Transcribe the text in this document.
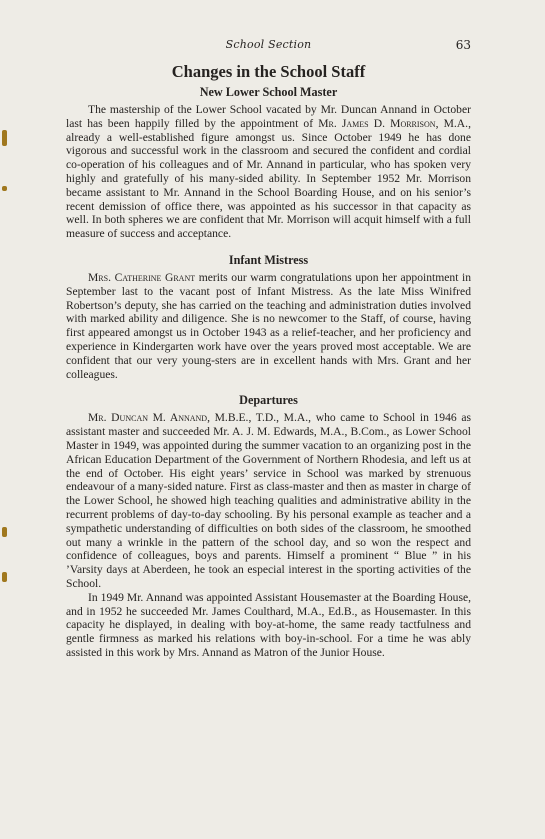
School Section	63
Changes in the School Staff
New Lower School Master

The mastership of the Lower School vacated by Mr. Duncan Annand in October last has been happily filled by the appointment of Mr. James D. Morrison, M.A., already a well-established figure amongst us. Since October 1949 he has done vigorous and successful work in the classroom and secured the confident and cordial co-operation of his colleagues and of Mr. Annand in particular, who has spoken very highly and gratefully of his many-sided ability. In September 1952 Mr. Morrison became assistant to Mr. Annand in the School Boarding House, and on his senior’s recent demission of office there, was appointed as his successor in that capacity as well. In both spheres we are confident that Mr. Morrison will acquit himself with a full measure of success and acceptance.

Infant Mistress

Mrs. Catherine Grant merits our warm congratulations upon her appointment in September last to the vacant post of Infant Mistress. As the late Miss Winifred Robertson’s deputy, she has carried on the teaching and administration duties involved with marked ability and diligence. She is no newcomer to the Staff, of course, having first appeared amongst us in October 1943 as a relief-teacher, and her proficiency and experience in Kindergarten work have over the years proved most acceptable. We are confident that our very young-sters are in excellent hands with Mrs. Grant and her colleagues.

Departures

Mr. Duncan M. Annand, M.B.E., T.D., M.A., who came to School in 1946 as assistant master and succeeded Mr. A. J. M. Edwards, M.A., B.Com., as Lower School Master in 1949, was appointed during the summer vacation to an organizing post in the African Education Department of the Government of Northern Rhodesia, and left us at the end of October. His eight years’ service in School was marked by strenuous endeavour of a many-sided nature. First as class-master and then as master in charge of the Lower School, he showed high teaching qualities and administrative ability in the recurrent problems of day-to-day schooling. By his personal example as teacher and a sympathetic understanding of difficulties on both sides of the classroom, he smoothed out many a wrinkle in the pattern of the school day, and so won the respect and confidence of colleagues, boys and parents. Himself a prominent “ Blue ” in his ’Varsity days at Aberdeen, he took an especial interest in the sporting activities of the School.

In 1949 Mr. Annand was appointed Assistant Housemaster at the Boarding House, and in 1952 he succeeded Mr. James Coulthard, M.A., Ed.B., as Housemaster. In this capacity he displayed, in dealing with boy-at-home, the same ready tactfulness and gentle firmness as marked his relations with boy-in-school. For a time he was ably assisted in this work by Mrs. Annand as Matron of the Junior House.
